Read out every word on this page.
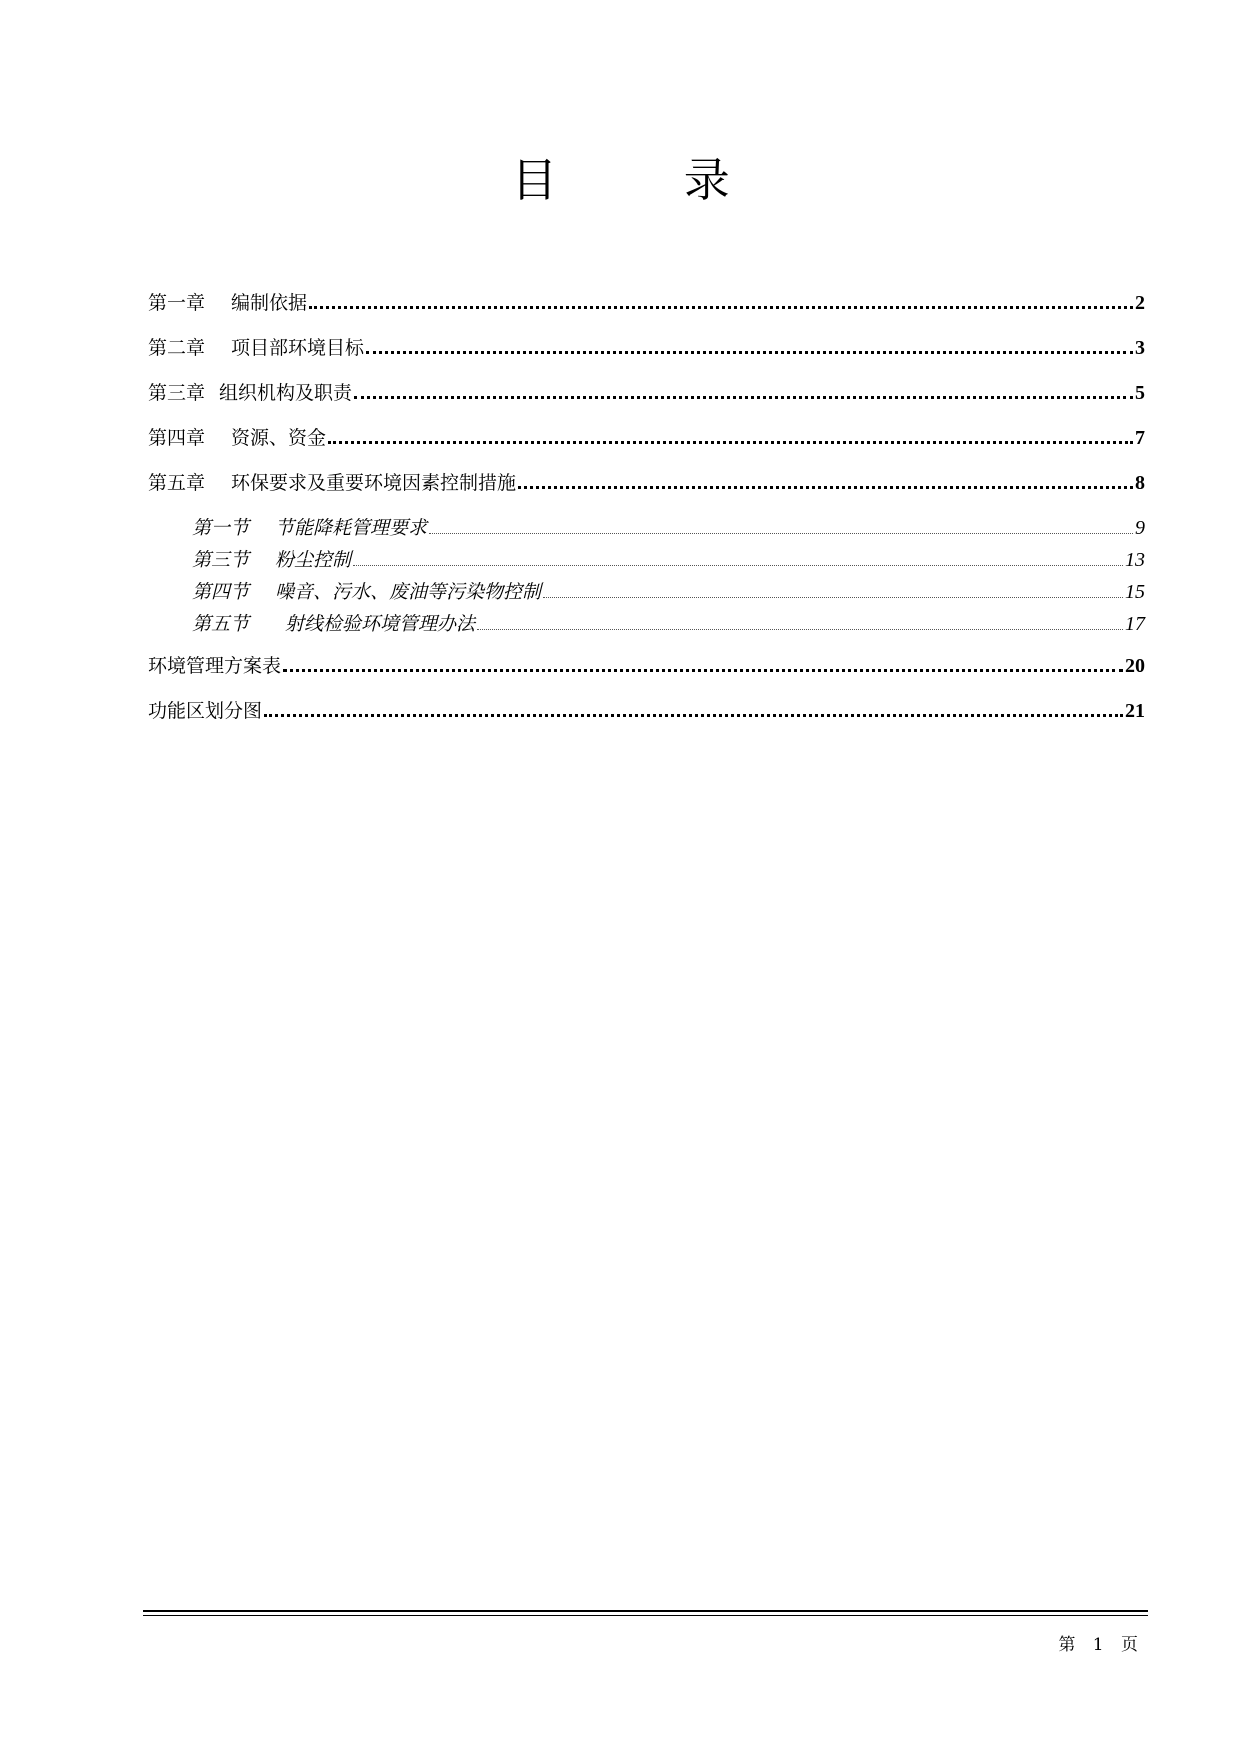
目 录
第一章 编制依据	2
第二章 项目部环境目标	3
第三章 组织机构及职责	5
第四章 资源、资金	7
第五章 环保要求及重要环境因素控制措施	8
第一节 节能降耗管理要求	9
第三节 粉尘控制	13
第四节 噪音、污水、废油等污染物控制	15
第五节 射线检验环境管理办法	17
环境管理方案表	20
功能区划分图	21
第 1 页
